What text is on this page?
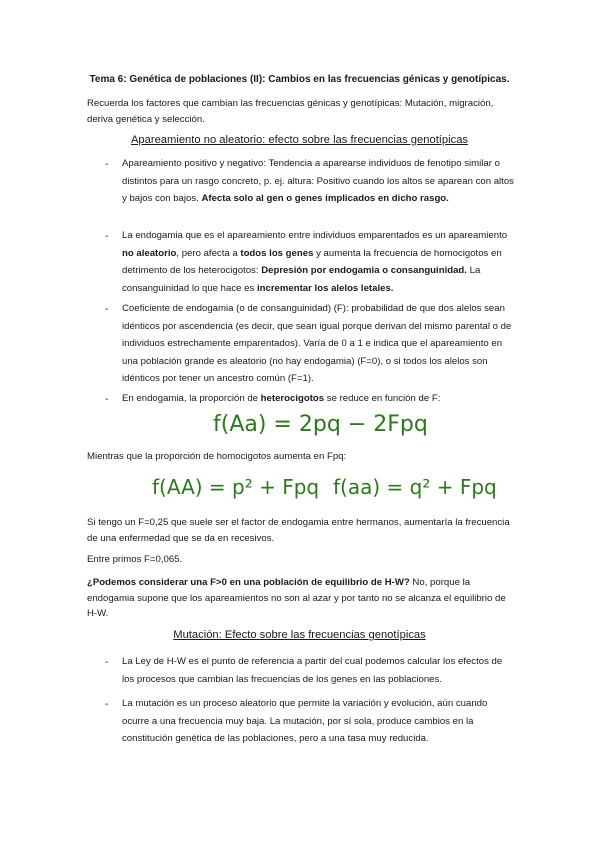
Tema 6: Genética de poblaciones (II): Cambios en las frecuencias génicas y genotípicas.
Recuerda los factores que cambian las frecuencias génicas y genotípicas: Mutación, migración, deriva genética y selección.
Apareamiento no aleatorio: efecto sobre las frecuencias genotípicas
-	Apareamiento positivo y negativo: Tendencia a aparearse individuos de fenotipo similar o distintos para un rasgo concreto, p. ej. altura: Positivo cuando los altos se aparean con altos y bajos con bajos. Afecta solo al gen o genes implicados en dicho rasgo.
-	La endogamia que es el apareamiento entre individuos emparentados es un apareamiento no aleatorio, pero afecta a todos los genes y aumenta la frecuencia de homocigotos en detrimento de los heterocigotos: Depresión por endogamia o consanguinidad. La consanguinidad lo que hace es incrementar los alelos letales.
-	Coeficiente de endogamia (o de consanguinidad) (F): probabilidad de que dos alelos sean idénticos por ascendencia (es decir, que sean igual porque derivan del mismo parental o de individuos estrechamente emparentados). Varía de 0 a 1 e indica que el apareamiento en una población grande es aleatorio (no hay endogamia) (F=0), o si todos los alelos son idénticos por tener un ancestro común (F=1).
-	En endogamia, la proporción de heterocigotos se reduce en función de F:
f(Aa) = 2pq − 2Fpq
Mientras que la proporción de homocigotos aumenta en Fpq:
f(AA) = p² + Fpq f(aa) = q² + Fpq
Si tengo un F=0,25 que suele ser el factor de endogamia entre hermanos, aumentaría la frecuencia de una enfermedad que se da en recesivos.
Entre primos F=0,065.
¿Podemos considerar una F>0 en una población de equilibrio de H-W? No, porque la endogamia supone que los apareamientos no son al azar y por tanto no se alcanza el equilibrio de H-W.
Mutación: Efecto sobre las frecuencias genotípicas
-	La Ley de H-W es el punto de referencia a partir del cual podemos calcular los efectos de los procesos que cambian las frecuencias de los genes en las poblaciones.
-	La mutación es un proceso aleatorio que permite la variación y evolución, aún cuando ocurre a una frecuencia muy baja. La mutación, por sí sola, produce cambios en la constitución genética de las poblaciones, pero a una tasa muy reducida.
